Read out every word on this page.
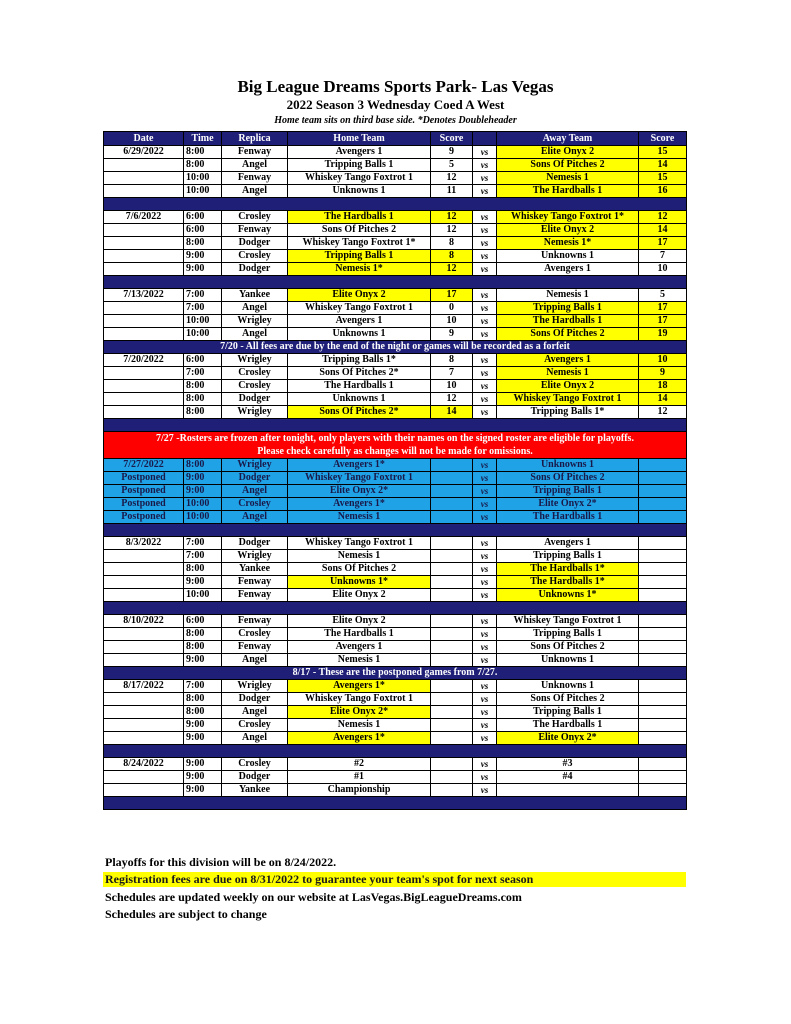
Big League Dreams Sports Park- Las Vegas
2022 Season 3 Wednesday Coed A West
Home team sits on third base side. *Denotes Doubleheader
Date	Time	Replica	Home Team	Score		Away Team	Score
6/29/2022	8:00	Fenway	Avengers 1	9	vs	Elite Onyx 2	15
	8:00	Angel	Tripping Balls 1	5	vs	Sons Of Pitches 2	14
	10:00	Fenway	Whiskey Tango Foxtrot 1	12	vs	Nemesis 1	15
	10:00	Angel	Unknowns 1	11	vs	The Hardballs 1	16

7/6/2022	6:00	Crosley	The Hardballs 1	12	vs	Whiskey Tango Foxtrot 1*	12
	6:00	Fenway	Sons Of Pitches 2	12	vs	Elite Onyx 2	14
	8:00	Dodger	Whiskey Tango Foxtrot 1*	8	vs	Nemesis 1*	17
	9:00	Crosley	Tripping Balls 1	8	vs	Unknowns 1	7
	9:00	Dodger	Nemesis 1*	12	vs	Avengers 1	10

7/13/2022	7:00	Yankee	Elite Onyx 2	17	vs	Nemesis 1	5
	7:00	Angel	Whiskey Tango Foxtrot 1	0	vs	Tripping Balls 1	17
	10:00	Wrigley	Avengers 1	10	vs	The Hardballs 1	17
	10:00	Angel	Unknowns 1	9	vs	Sons Of Pitches 2	19
7/20 - All fees are due by the end of the night or games will be recorded as a forfeit							
7/20/2022	6:00	Wrigley	Tripping Balls 1*	8	vs	Avengers 1	10
	7:00	Crosley	Sons Of Pitches 2*	7	vs	Nemesis 1	9
	8:00	Crosley	The Hardballs 1	10	vs	Elite Onyx 2	18
	8:00	Dodger	Unknowns 1	12	vs	Whiskey Tango Foxtrot 1	14
	8:00	Wrigley	Sons Of Pitches 2*	14	vs	Tripping Balls 1*	12

7/27 -Rosters are frozen after tonight, only players with their names on the signed roster are eligible for playoffs.
Please check carefully as changes will not be made for omissions.							

7/27/2022	8:00	Wrigley	Avengers 1*		vs	Unknowns 1	
Postponed	9:00	Dodger	Whiskey Tango Foxtrot 1		vs	Sons Of Pitches 2	
Postponed	9:00	Angel	Elite Onyx 2*		vs	Tripping Balls 1	
Postponed	10:00	Crosley	Avengers 1*		vs	Elite Onyx 2*	
Postponed	10:00	Angel	Nemesis 1		vs	The Hardballs 1	

8/3/2022	7:00	Dodger	Whiskey Tango Foxtrot 1		vs	Avengers 1	
	7:00	Wrigley	Nemesis 1		vs	Tripping Balls 1	
	8:00	Yankee	Sons Of Pitches 2		vs	The Hardballs 1*	
	9:00	Fenway	Unknowns 1*		vs	The Hardballs 1*	
	10:00	Fenway	Elite Onyx 2		vs	Unknowns 1*	

8/10/2022	6:00	Fenway	Elite Onyx 2		vs	Whiskey Tango Foxtrot 1	
	8:00	Crosley	The Hardballs 1		vs	Tripping Balls 1	
	8:00	Fenway	Avengers 1		vs	Sons Of Pitches 2	
	9:00	Angel	Nemesis 1		vs	Unknowns 1	
8/17 - These are the postponed games from 7/27.							
8/17/2022	7:00	Wrigley	Avengers 1*		vs	Unknowns 1	
	8:00	Dodger	Whiskey Tango Foxtrot 1		vs	Sons Of Pitches 2	
	8:00	Angel	Elite Onyx 2*		vs	Tripping Balls 1	
	9:00	Crosley	Nemesis 1		vs	The Hardballs 1	
	9:00	Angel	Avengers 1*		vs	Elite Onyx 2*	

8/24/2022	9:00	Crosley	#2		vs	#3	
	9:00	Dodger	#1		vs	#4	
	9:00	Yankee	Championship		vs		

Playoffs for this division will be on 8/24/2022.
Registration fees are due on 8/31/2022 to guarantee your team's spot for next season
Schedules are updated weekly on our website at LasVegas.BigLeagueDreams.com
Schedules are subject to change
